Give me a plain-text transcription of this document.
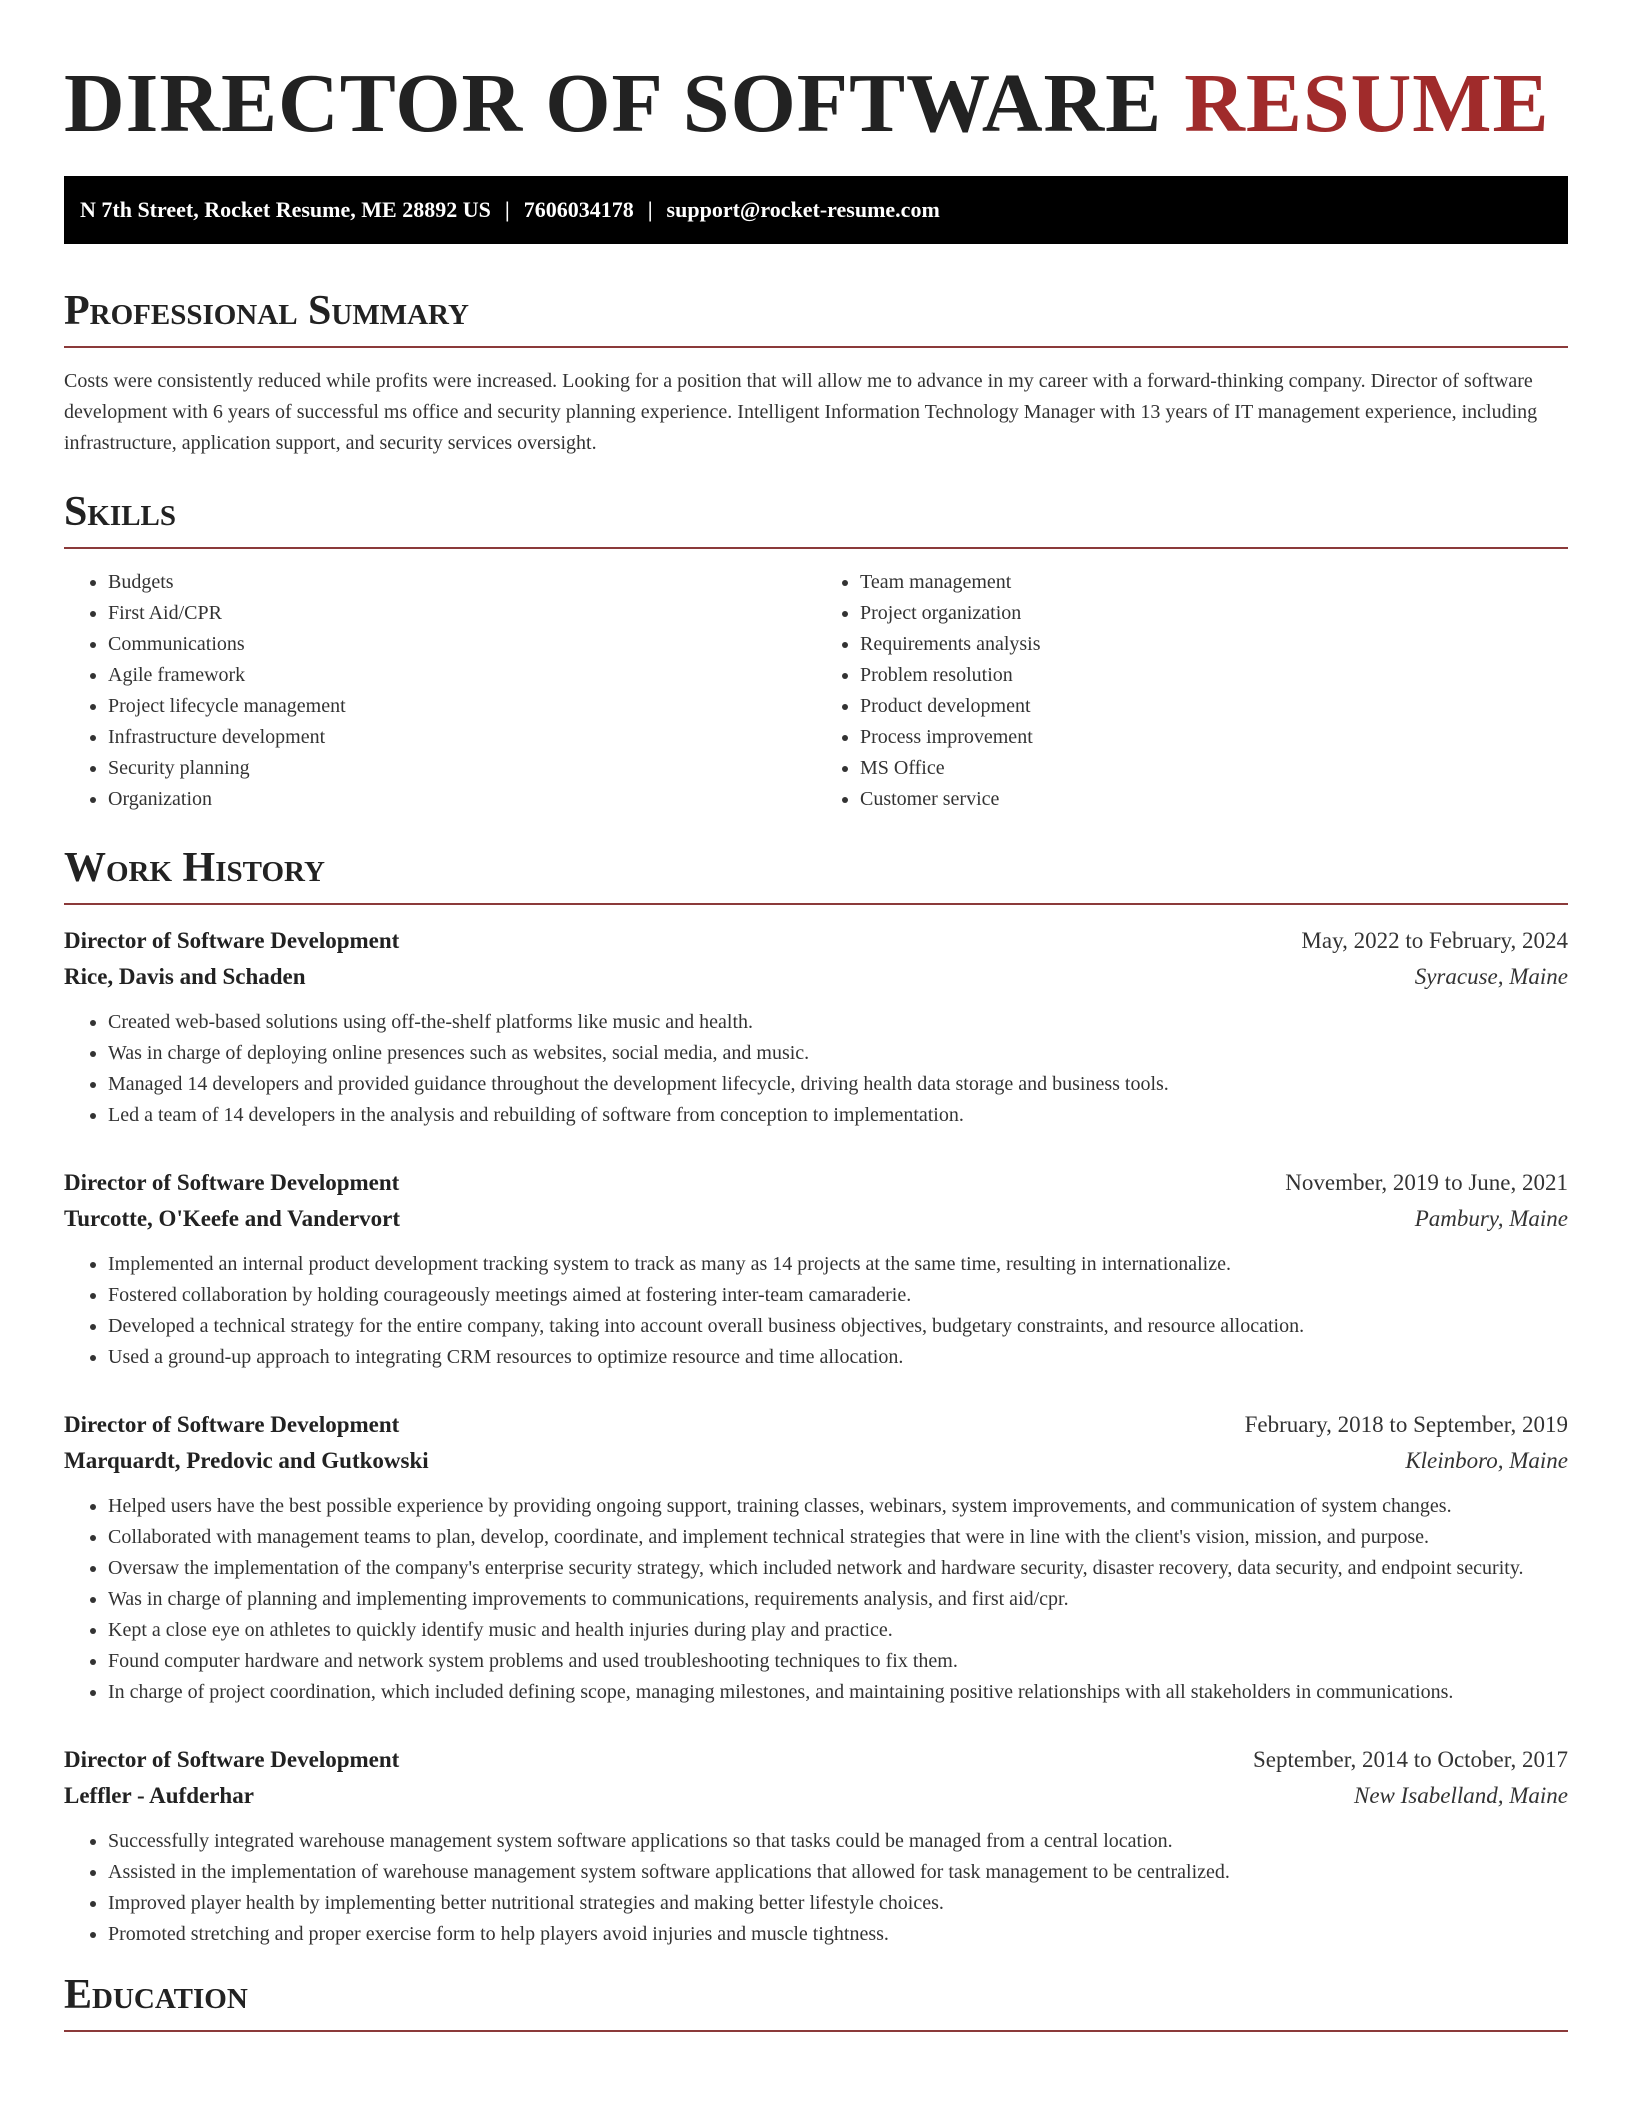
DIRECTOR OF SOFTWARE RESUME
N 7th Street, Rocket Resume, ME 28892 US | 7606034178 | support@rocket-resume.com
Professional Summary

Costs were consistently reduced while profits were increased. Looking for a position that will allow me to advance in my career with a forward-thinking company. Director of software development with 6 years of successful ms office and security planning experience. Intelligent Information Technology Manager with 13 years of IT management experience, including infrastructure, application support, and security services oversight.

Skills
• Budgets
• First Aid/CPR
• Communications
• Agile framework
• Project lifecycle management
• Infrastructure development
• Security planning
• Organization
• Team management
• Project organization
• Requirements analysis
• Problem resolution
• Product development
• Process improvement
• MS Office
• Customer service
Work History
Director of Software Development	May, 2022 to February, 2024
Rice, Davis and Schaden	Syracuse, Maine
• Created web-based solutions using off-the-shelf platforms like music and health.
• Was in charge of deploying online presences such as websites, social media, and music.
• Managed 14 developers and provided guidance throughout the development lifecycle, driving health data storage and business tools.
• Led a team of 14 developers in the analysis and rebuilding of software from conception to implementation.
Director of Software Development	November, 2019 to June, 2021
Turcotte, O'Keefe and Vandervort	Pambury, Maine
• Implemented an internal product development tracking system to track as many as 14 projects at the same time, resulting in internationalize.
• Fostered collaboration by holding courageously meetings aimed at fostering inter-team camaraderie.
• Developed a technical strategy for the entire company, taking into account overall business objectives, budgetary constraints, and resource allocation.
• Used a ground-up approach to integrating CRM resources to optimize resource and time allocation.
Director of Software Development	February, 2018 to September, 2019
Marquardt, Predovic and Gutkowski	Kleinboro, Maine
• Helped users have the best possible experience by providing ongoing support, training classes, webinars, system improvements, and communication of system changes.
• Collaborated with management teams to plan, develop, coordinate, and implement technical strategies that were in line with the client's vision, mission, and purpose.
• Oversaw the implementation of the company's enterprise security strategy, which included network and hardware security, disaster recovery, data security, and endpoint security.
• Was in charge of planning and implementing improvements to communications, requirements analysis, and first aid/cpr.
• Kept a close eye on athletes to quickly identify music and health injuries during play and practice.
• Found computer hardware and network system problems and used troubleshooting techniques to fix them.
• In charge of project coordination, which included defining scope, managing milestones, and maintaining positive relationships with all stakeholders in communications.
Director of Software Development	September, 2014 to October, 2017
Leffler - Aufderhar	New Isabelland, Maine
• Successfully integrated warehouse management system software applications so that tasks could be managed from a central location.
• Assisted in the implementation of warehouse management system software applications that allowed for task management to be centralized.
• Improved player health by implementing better nutritional strategies and making better lifestyle choices.
• Promoted stretching and proper exercise form to help players avoid injuries and muscle tightness.
Education
